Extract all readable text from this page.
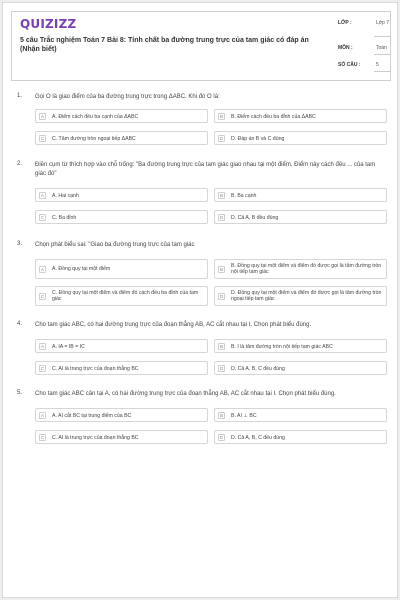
QUIZIZZ
5 câu Trắc nghiệm Toán 7 Bài 8: Tính chất ba đường trung trực của tam giác có đáp án (Nhận biết)
LỚP :	Lớp 7
MÔN :	Toán
SỐ CÂU :	5
1. Gọi O là giao điểm của ba đường trung trực trong ΔABC. Khi đó O là:
A	A. Điểm cách đều ba cạnh của ΔABC	B	B. Điểm cách đều ba đỉnh của ΔABC
C	C. Tâm đường tròn ngoại tiếp ΔABC	D	D. Đáp án B và C đúng
2. Điền cụm từ thích hợp vào chỗ trống: "Ba đường trung trực của tam giác giao nhau tại một điểm. Điểm này cách đều ... của tam giác đó"
A	A. Hai cạnh	B	B. Ba cạnh
C	C. Ba đỉnh	D	D. Cả A, B đều đúng
3. Chọn phát biểu sai: "Giao ba đường trung trực của tam giác
A	A. Đồng quy tại một điểm	B
B. Đồng quy tại một điểm và điểm đó được gọi là tâm đường tròn nội tiếp tam giác
C
C. Đồng quy tại một điểm và điểm đó cách đều ba đỉnh của tam giác	D
D. Đồng quy tại một điểm và điểm đó được gọi là tâm đường tròn ngoại tiếp tam giác
4. Cho tam giác ABC, có hai đường trung trực của đoạn thẳng AB, AC cắt nhau tại I. Chọn phát biểu đúng.
A	A. IA = IB = IC	B	B. I là tâm đường tròn nội tiếp tam giác ABC
C	C. AI là trung trực của đoạn thẳng BC	D	D. Cả A, B, C đều đúng
5. Cho tam giác ABC cân tại A, có hai đường trung trực của đoạn thẳng AB, AC cắt nhau tại I. Chọn phát biểu đúng.
A	A. AI cắt BC tại trung điểm của BC	B	B. AI ⊥ BC
C	C. AI là trung trực của đoạn thẳng BC	D	D. Cả A, B, C đều đúng
